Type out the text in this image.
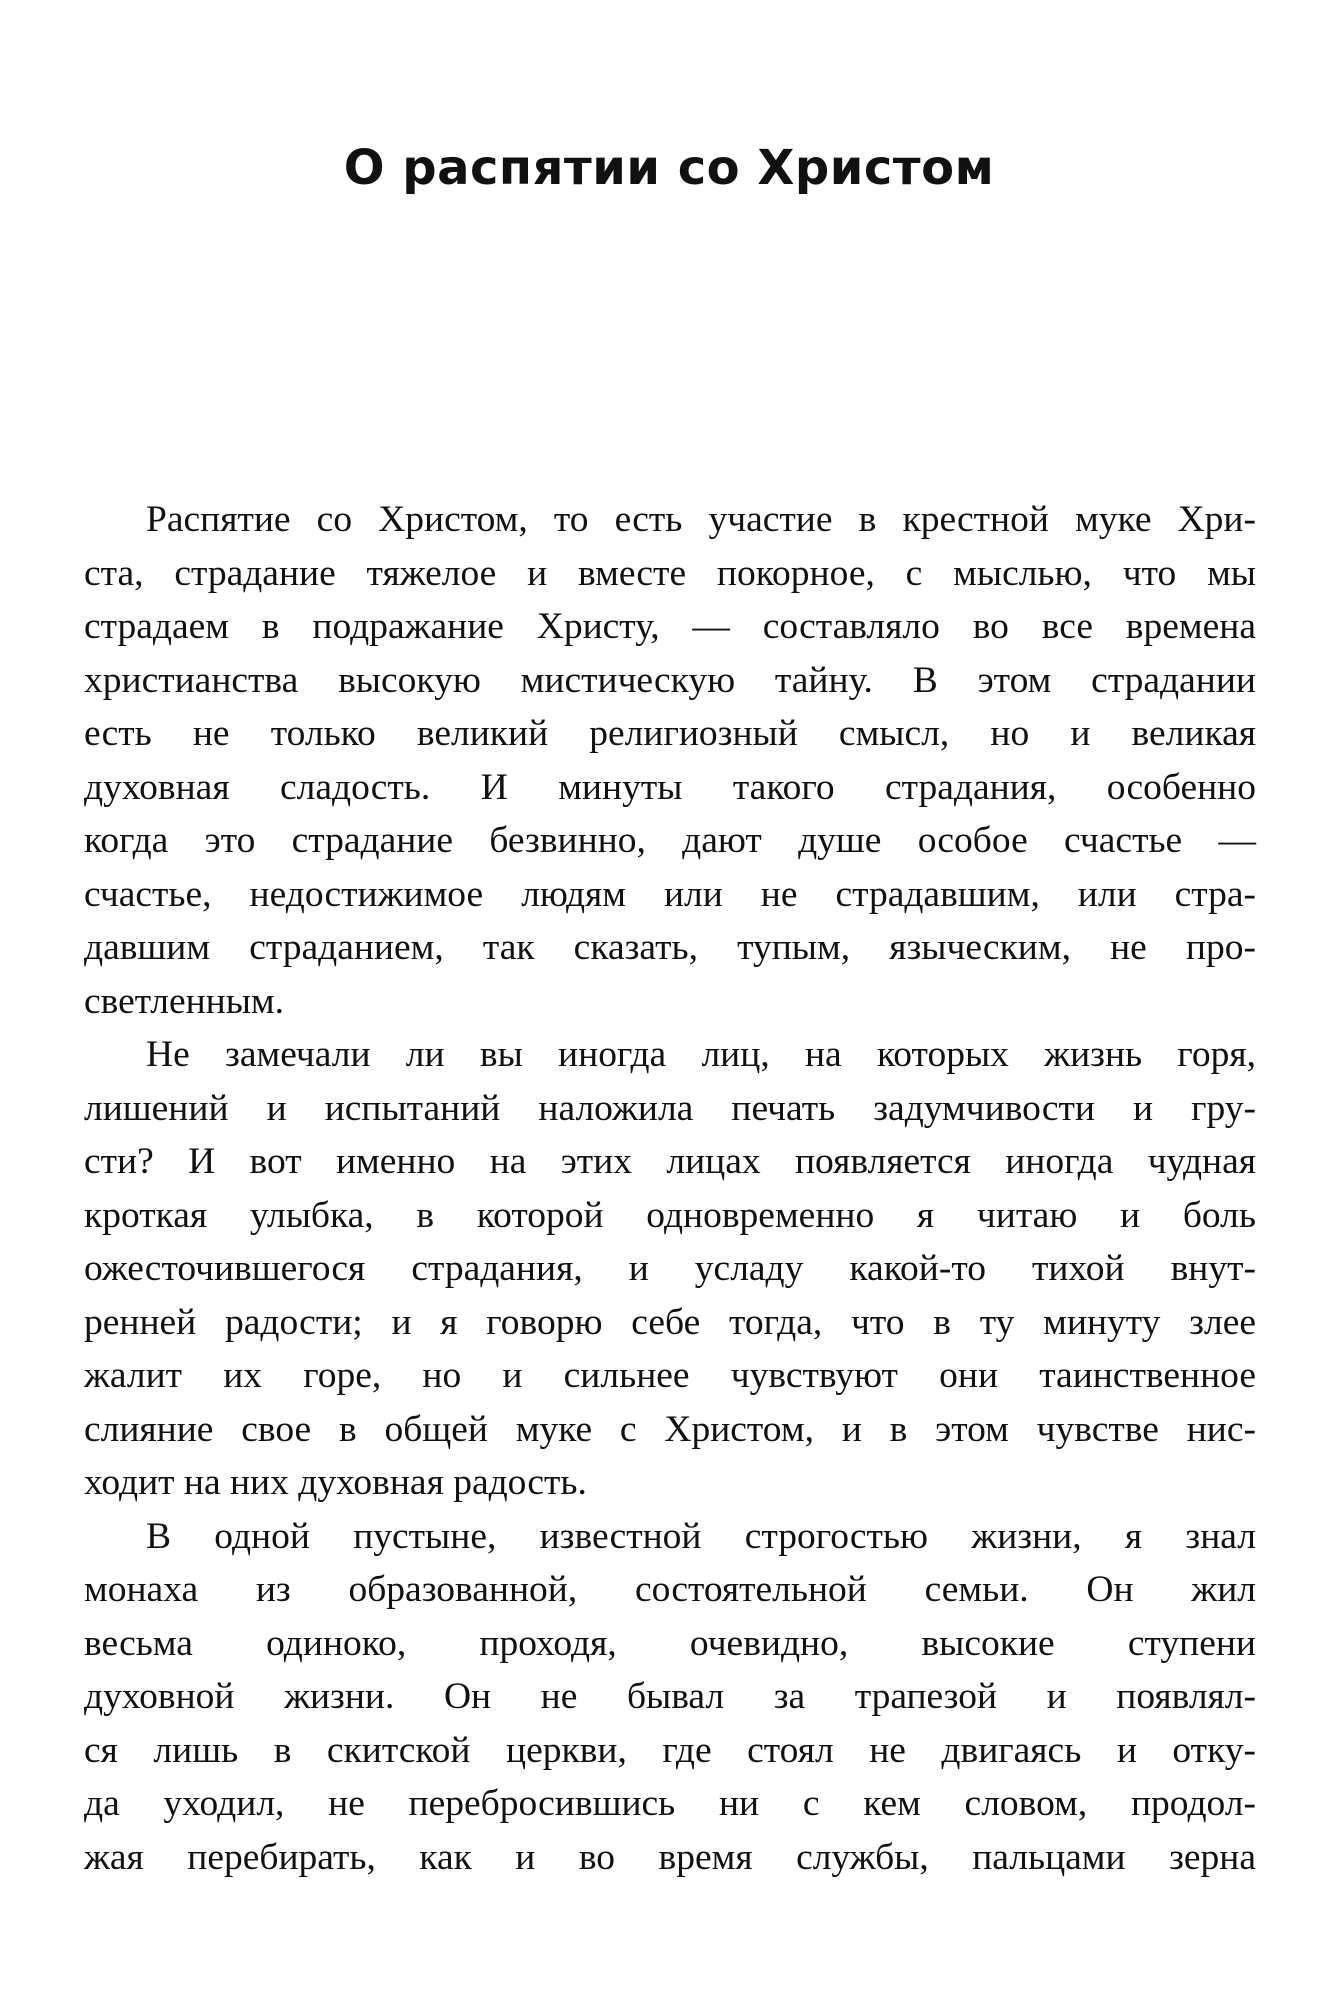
О распятии со Христом
Распятие со Христом, то есть участие в крестной муке Хри-
ста, страдание тяжелое и вместе покорное, с мыслью, что мы
страдаем в подражание Христу, — составляло во все времена
христианства высокую мистическую тайну. В этом страдании
есть не только великий религиозный смысл, но и великая
духовная сладость. И минуты такого страдания, особенно
когда это страдание безвинно, дают душе особое счастье —
счастье, недостижимое людям или не страдавшим, или стра-
давшим страданием, так сказать, тупым, языческим, не про-
светленным.
Не замечали ли вы иногда лиц, на которых жизнь горя,
лишений и испытаний наложила печать задумчивости и гру-
сти? И вот именно на этих лицах появляется иногда чудная
кроткая улыбка, в которой одновременно я читаю и боль
ожесточившегося страдания, и усладу какой-то тихой внут-
ренней радости; и я говорю себе тогда, что в ту минуту злее
жалит их горе, но и сильнее чувствуют они таинственное
слияние свое в общей муке с Христом, и в этом чувстве нис-
ходит на них духовная радость.
В одной пустыне, известной строгостью жизни, я знал
монаха из образованной, состоятельной семьи. Он жил
весьма одиноко, проходя, очевидно, высокие ступени
духовной жизни. Он не бывал за трапезой и появлял-
ся лишь в скитской церкви, где стоял не двигаясь и отку-
да уходил, не перебросившись ни с кем словом, продол-
жая перебирать, как и во время службы, пальцами зерна
